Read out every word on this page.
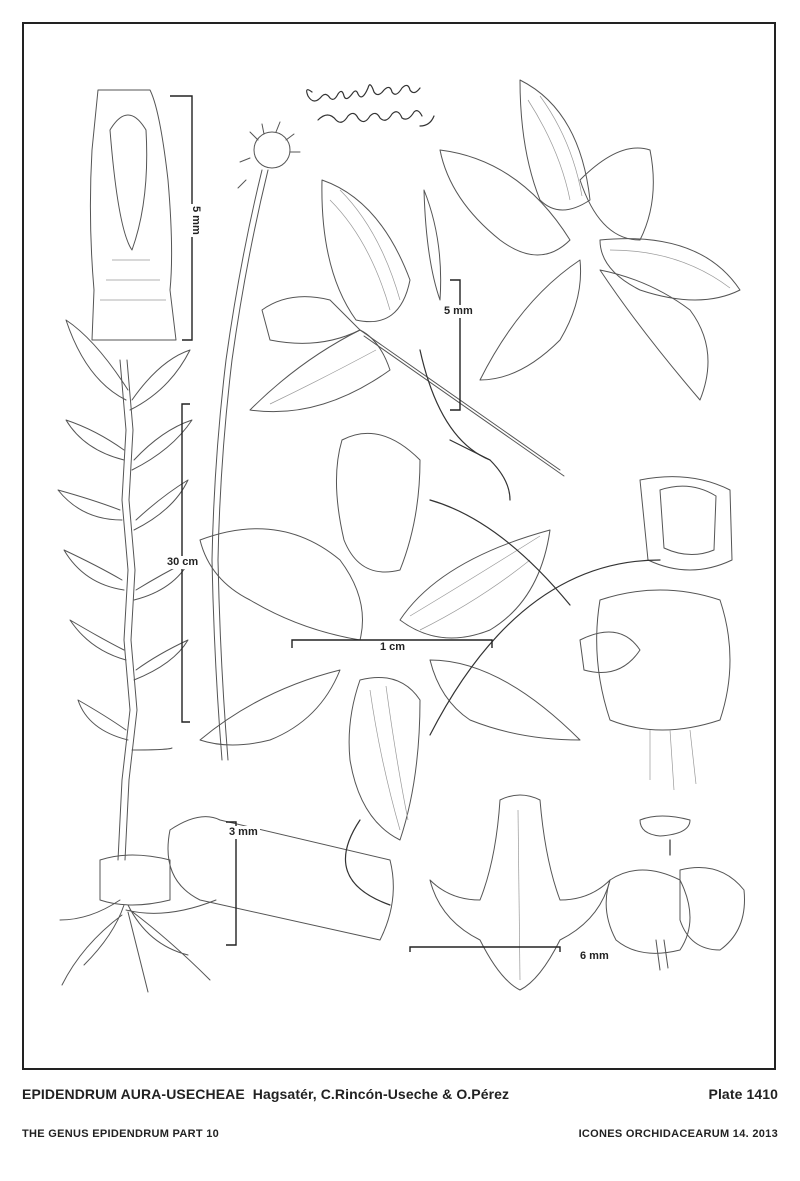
5 mm
30 cm
5 mm
1 cm
3 mm
6 mm
EPIDENDRUM AURA-USECHEAE Hagsatér, C.Rincón-Useche & O.Pérez	Plate 1410
THE GENUS EPIDENDRUM PART 10	ICONES ORCHIDACEARUM 14. 2013
